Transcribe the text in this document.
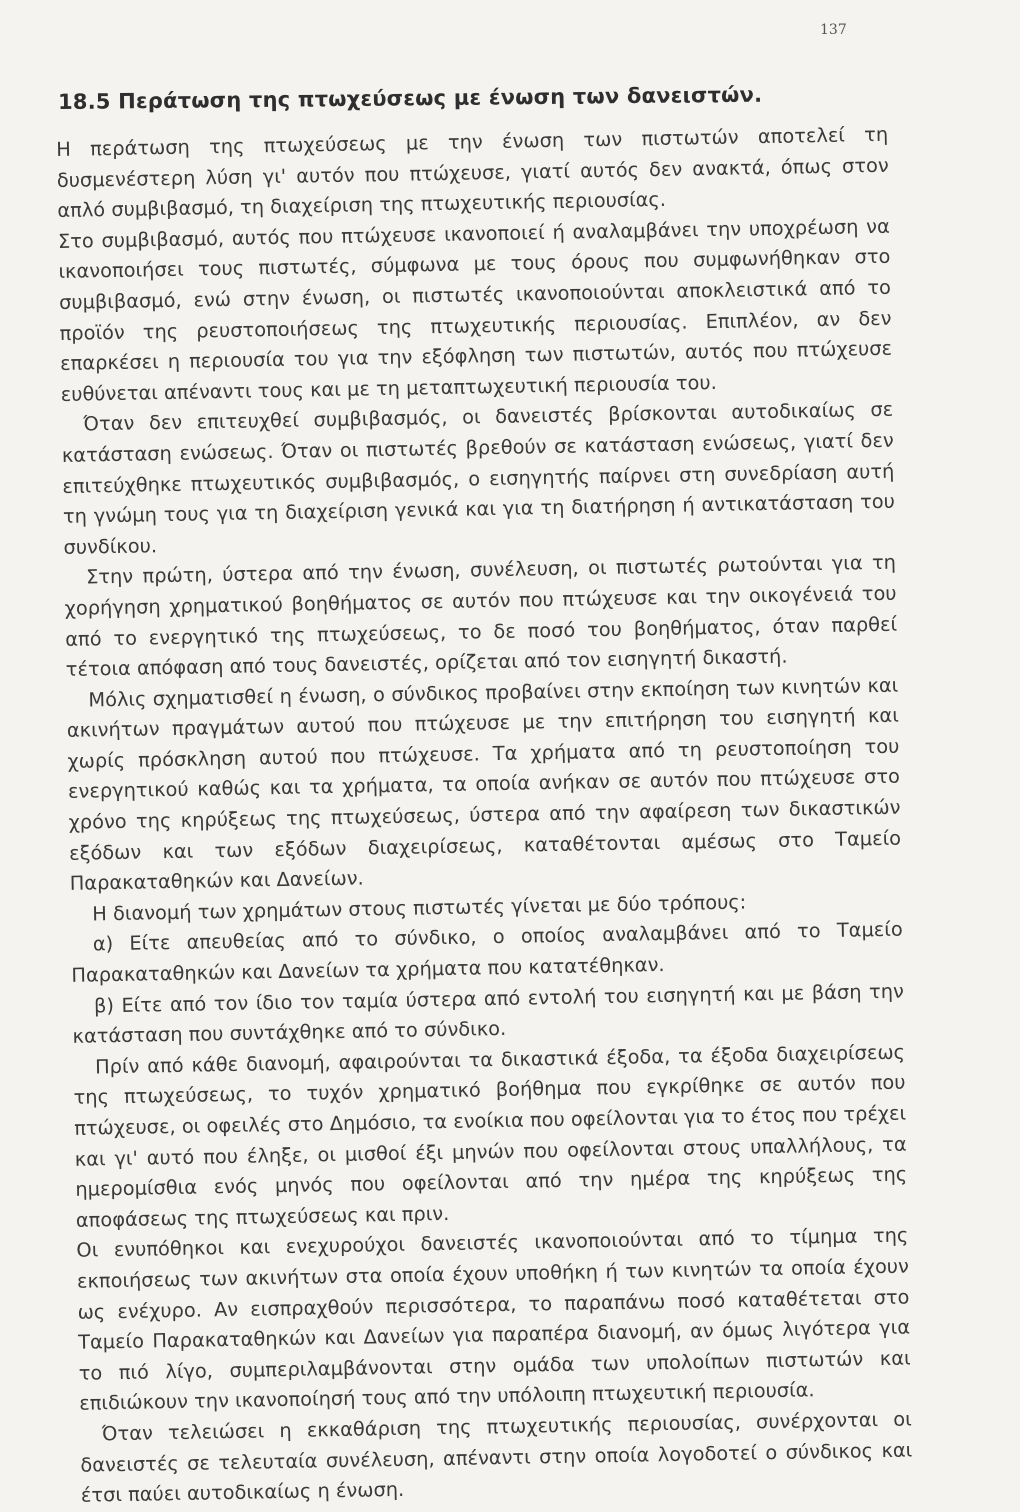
137
18.5 Περάτωση της πτωχεύσεως με ένωση των δανειστών.

Η περάτωση της πτωχεύσεως με την ένωση των πιστωτών αποτελεί τη δυσμενέστερη λύση γι' αυτόν που πτώχευσε, γιατί αυτός δεν ανακτά, όπως στον απλό συμβιβασμό, τη διαχείριση της πτωχευτικής περιουσίας.

Στο συμβιβασμό, αυτός που πτώχευσε ικανοποιεί ή αναλαμβάνει την υποχρέωση να ικανοποιήσει τους πιστωτές, σύμφωνα με τους όρους που συμφωνήθηκαν στο συμβιβασμό, ενώ στην ένωση, οι πιστωτές ικανοποιούνται αποκλειστικά από το προϊόν της ρευστοποιήσεως της πτωχευτικής περιουσίας. Επιπλέον, αν δεν επαρκέσει η περιουσία του για την εξόφληση των πιστωτών, αυτός που πτώχευσε ευθύνεται απέναντι τους και με τη μεταπτωχευτική περιουσία του.

Όταν δεν επιτευχθεί συμβιβασμός, οι δανειστές βρίσκονται αυτοδικαίως σε κατάσταση ενώσεως. Όταν οι πιστωτές βρεθούν σε κατάσταση ενώσεως, γιατί δεν επιτεύχθηκε πτωχευτικός συμβιβασμός, ο εισηγητής παίρνει στη συνεδρίαση αυτή τη γνώμη τους για τη διαχείριση γενικά και για τη διατήρηση ή αντικατάσταση του συνδίκου.

Στην πρώτη, ύστερα από την ένωση, συνέλευση, οι πιστωτές ρωτούνται για τη χορήγηση χρηματικού βοηθήματος σε αυτόν που πτώχευσε και την οικογένειά του από το ενεργητικό της πτωχεύσεως, το δε ποσό του βοηθήματος, όταν παρθεί τέτοια απόφαση από τους δανειστές, ορίζεται από τον εισηγητή δικαστή.

Μόλις σχηματισθεί η ένωση, ο σύνδικος προβαίνει στην εκποίηση των κινητών και ακινήτων πραγμάτων αυτού που πτώχευσε με την επιτήρηση του εισηγητή και χωρίς πρόσκληση αυτού που πτώχευσε. Τα χρήματα από τη ρευστοποίηση του ενεργητικού καθώς και τα χρήματα, τα οποία ανήκαν σε αυτόν που πτώχευσε στο χρόνο της κηρύξεως της πτωχεύσεως, ύστερα από την αφαίρεση των δικαστικών εξόδων και των εξόδων διαχειρίσεως, καταθέτονται αμέσως στο Ταμείο Παρακαταθηκών και Δανείων.

Η διανομή των χρημάτων στους πιστωτές γίνεται με δύο τρόπους:

α) Είτε απευθείας από το σύνδικο, ο οποίος αναλαμβάνει από το Ταμείο Παρακαταθηκών και Δανείων τα χρήματα που κατατέθηκαν.

β) Είτε από τον ίδιο τον ταμία ύστερα από εντολή του εισηγητή και με βάση την κατάσταση που συντάχθηκε από το σύνδικο.

Πρίν από κάθε διανομή, αφαιρούνται τα δικαστικά έξοδα, τα έξοδα διαχειρίσεως της πτωχεύσεως, το τυχόν χρηματικό βοήθημα που εγκρίθηκε σε αυτόν που πτώχευσε, οι οφειλές στο Δημόσιο, τα ενοίκια που οφείλονται για το έτος που τρέχει και γι' αυτό που έληξε, οι μισθοί έξι μηνών που οφείλονται στους υπαλλήλους, τα ημερομίσθια ενός μηνός που οφείλονται από την ημέρα της κηρύξεως της αποφάσεως της πτωχεύσεως και πριν.

Οι ενυπόθηκοι και ενεχυρούχοι δανειστές ικανοποιούνται από το τίμημα της εκποιήσεως των ακινήτων στα οποία έχουν υποθήκη ή των κινητών τα οποία έχουν ως ενέχυρο. Αν εισπραχθούν περισσότερα, το παραπάνω ποσό καταθέτεται στο Ταμείο Παρακαταθηκών και Δανείων για παραπέρα διανομή, αν όμως λιγότερα για το πιό λίγο, συμπεριλαμβάνονται στην ομάδα των υπολοίπων πιστωτών και επιδιώκουν την ικανοποίησή τους από την υπόλοιπη πτωχευτική περιουσία.

Όταν τελειώσει η εκκαθάριση της πτωχευτικής περιουσίας, συνέρχονται οι δανειστές σε τελευταία συνέλευση, απέναντι στην οποία λογοδοτεί ο σύνδικος και έτσι παύει αυτοδικαίως η ένωση.
